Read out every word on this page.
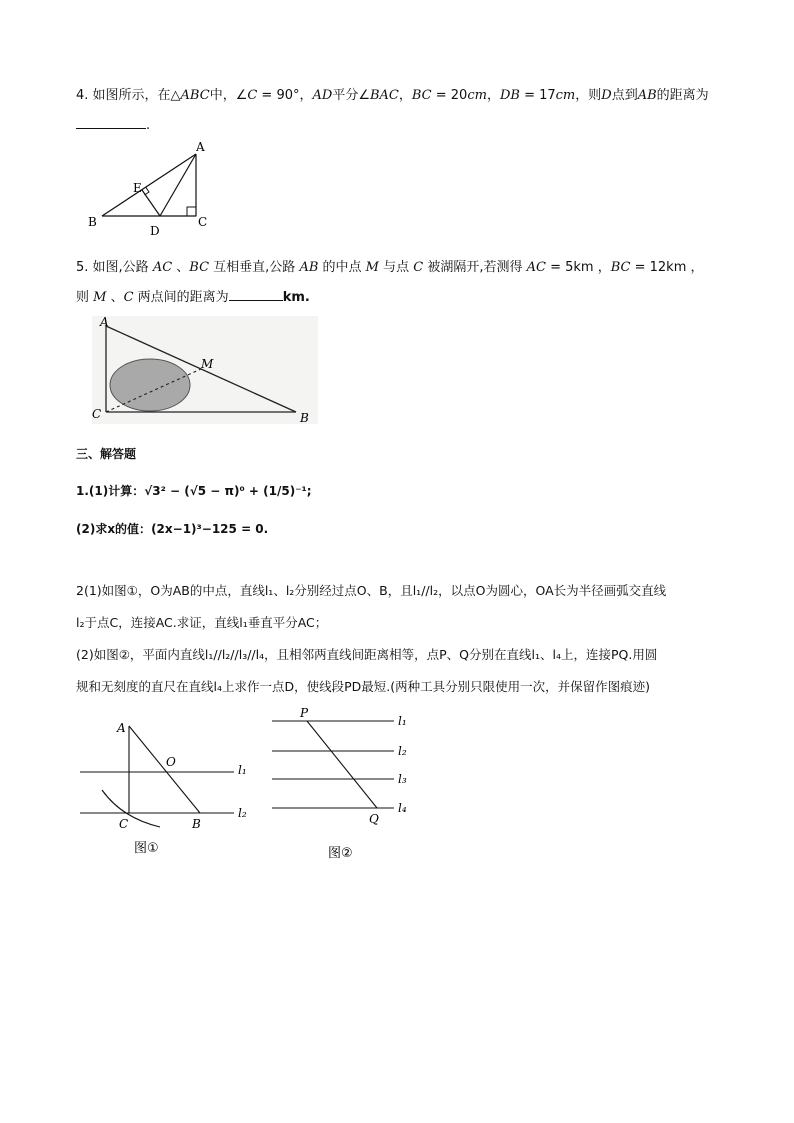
4. 如图所示，在△ABC中，∠C = 90°，AD平分∠BAC，BC = 20cm，DB = 17cm，则D点到AB的距离为
.
A
B	C
D
E
5. 如图,公路 AC 、BC 互相垂直,公路 AB 的中点 M 与点 C 被湖隔开,若测得 AC = 5km ，BC = 12km ，
则 M 、C 两点间的距离为	km.
A
C	B
M
三、解答题
1.(1)计算：√3² − (√5 − π)⁰ + (1/5)⁻¹;
(2)求x的值：(2x−1)³−125 = 0.
2(1)如图①，O为AB的中点，直线l₁、l₂分别经过点O、B，且l₁//l₂，以点O为圆心，OA长为半径画弧交直线
l₂于点C，连接AC.求证，直线l₁垂直平分AC；
(2)如图②，平面内直线l₁//l₂//l₃//l₄，且相邻两直线间距离相等，点P、Q分别在直线l₁、l₄上，连接PQ.用圆
规和无刻度的直尺在直线l₄上求作一点D，使线段PD最短.(两种工具分别只限使用一次，并保留作图痕迹)
A
O
C	B
l₁
l₂
图①
P
Q
l₁
l₂
l₃
l₄
图②
